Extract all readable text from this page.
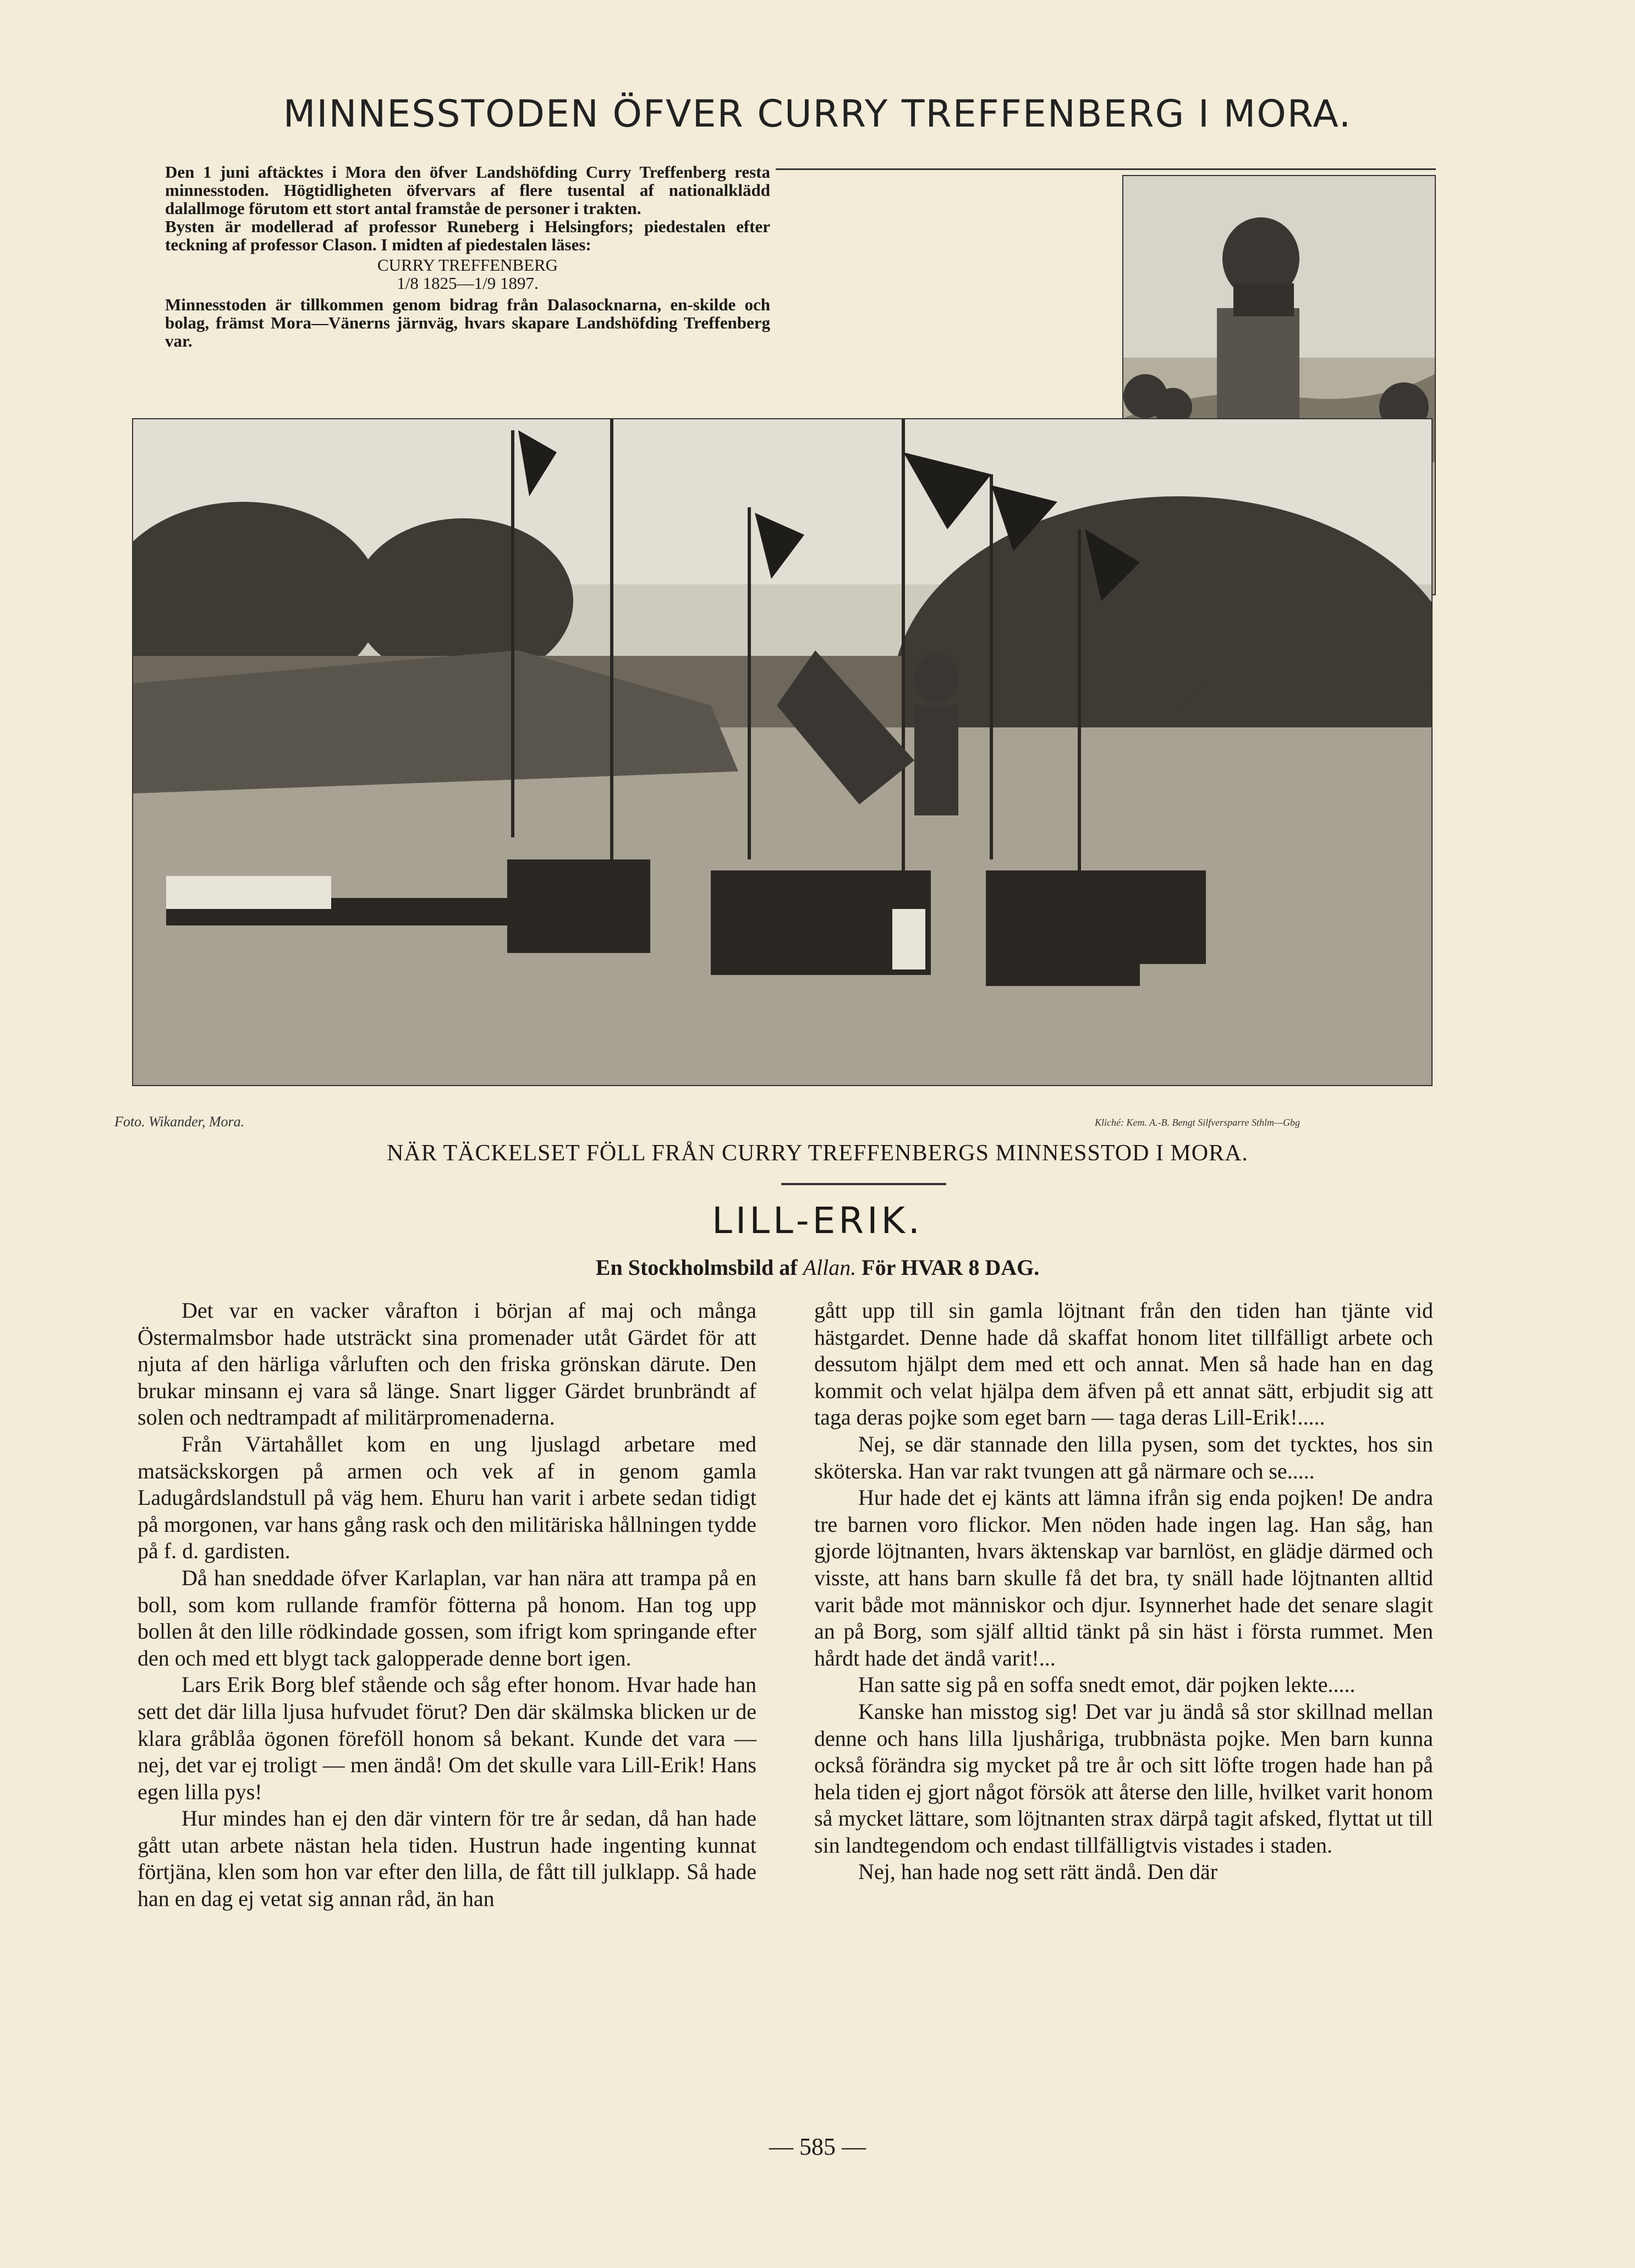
MINNESSTODEN ÖFVER CURRY TREFFENBERG I MORA.

Den 1 juni aftäcktes i Mora den öfver Landshöfding Curry Treffenberg resta minnesstoden. Högtidligheten öfvervars af flere tusental af nationalklädd dalallmoge förutom ett stort antal framståe de personer i trakten.

Bysten är modellerad af professor Runeberg i Helsingfors; piedestalen efter teckning af professor Clason. I midten af piedestalen läses:

CURRY TREFFENBERG

1/8 1825—1/9 1897.

Minnesstoden är tillkommen genom bidrag från Dalasocknarna, en-skilde och bolag, främst Mora—Vänerns järnväg, hvars skapare Landshöfding Treffenberg var.

Foto. Wikander, Mora.	Kliché: Kem. A.-B. Bengt Silfversparre Sthlm—Gbg
NÄR TÄCKELSET FÖLL FRÅN CURRY TREFFENBERGS MINNESSTOD I MORA.
LILL-ERIK.
En Stockholmsbild af Allan. För HVAR 8 DAG.

Det var en vacker vårafton i början af maj och många Östermalmsbor hade utsträckt sina promenader utåt Gärdet för att njuta af den härliga vårluften och den friska grönskan därute. Den brukar minsann ej vara så länge. Snart ligger Gärdet brunbrändt af solen och nedtrampadt af militärpromenaderna.

Från Värtahållet kom en ung ljuslagd arbetare med matsäckskorgen på armen och vek af in genom gamla Ladugårdslandstull på väg hem. Ehuru han varit i arbete sedan tidigt på morgonen, var hans gång rask och den militäriska hållningen tydde på f. d. gardisten.

Då han sneddade öfver Karlaplan, var han nära att trampa på en boll, som kom rullande framför fötterna på honom. Han tog upp bollen åt den lille rödkindade gossen, som ifrigt kom springande efter den och med ett blygt tack galopperade denne bort igen.

Lars Erik Borg blef stående och såg efter honom. Hvar hade han sett det där lilla ljusa hufvudet förut? Den där skälmska blicken ur de klara gråblåa ögonen föreföll honom så bekant. Kunde det vara — nej, det var ej troligt — men ändå! Om det skulle vara Lill-Erik! Hans egen lilla pys!

Hur mindes han ej den där vintern för tre år sedan, då han hade gått utan arbete nästan hela tiden. Hustrun hade ingenting kunnat förtjäna, klen som hon var efter den lilla, de fått till julklapp. Så hade han en dag ej vetat sig annan råd, än han

gått upp till sin gamla löjtnant från den tiden han tjänte vid hästgardet. Denne hade då skaffat honom litet tillfälligt arbete och dessutom hjälpt dem med ett och annat. Men så hade han en dag kommit och velat hjälpa dem äfven på ett annat sätt, erbjudit sig att taga deras pojke som eget barn — taga deras Lill-Erik!.....

Nej, se där stannade den lilla pysen, som det tycktes, hos sin sköterska. Han var rakt tvungen att gå närmare och se.....

Hur hade det ej känts att lämna ifrån sig enda pojken! De andra tre barnen voro flickor. Men nöden hade ingen lag. Han såg, han gjorde löjtnanten, hvars äktenskap var barnlöst, en glädje därmed och visste, att hans barn skulle få det bra, ty snäll hade löjtnanten alltid varit både mot människor och djur. Isynnerhet hade det senare slagit an på Borg, som själf alltid tänkt på sin häst i första rummet. Men hårdt hade det ändå varit!...

Han satte sig på en soffa snedt emot, där pojken lekte.....

Kanske han misstog sig! Det var ju ändå så stor skillnad mellan denne och hans lilla ljushåriga, trubbnästa pojke. Men barn kunna också förändra sig mycket på tre år och sitt löfte trogen hade han på hela tiden ej gjort något försök att återse den lille, hvilket varit honom så mycket lättare, som löjtnanten strax därpå tagit afsked, flyttat ut till sin landtegendom och endast tillfälligtvis vistades i staden.

Nej, han hade nog sett rätt ändå. Den där

— 585 —
